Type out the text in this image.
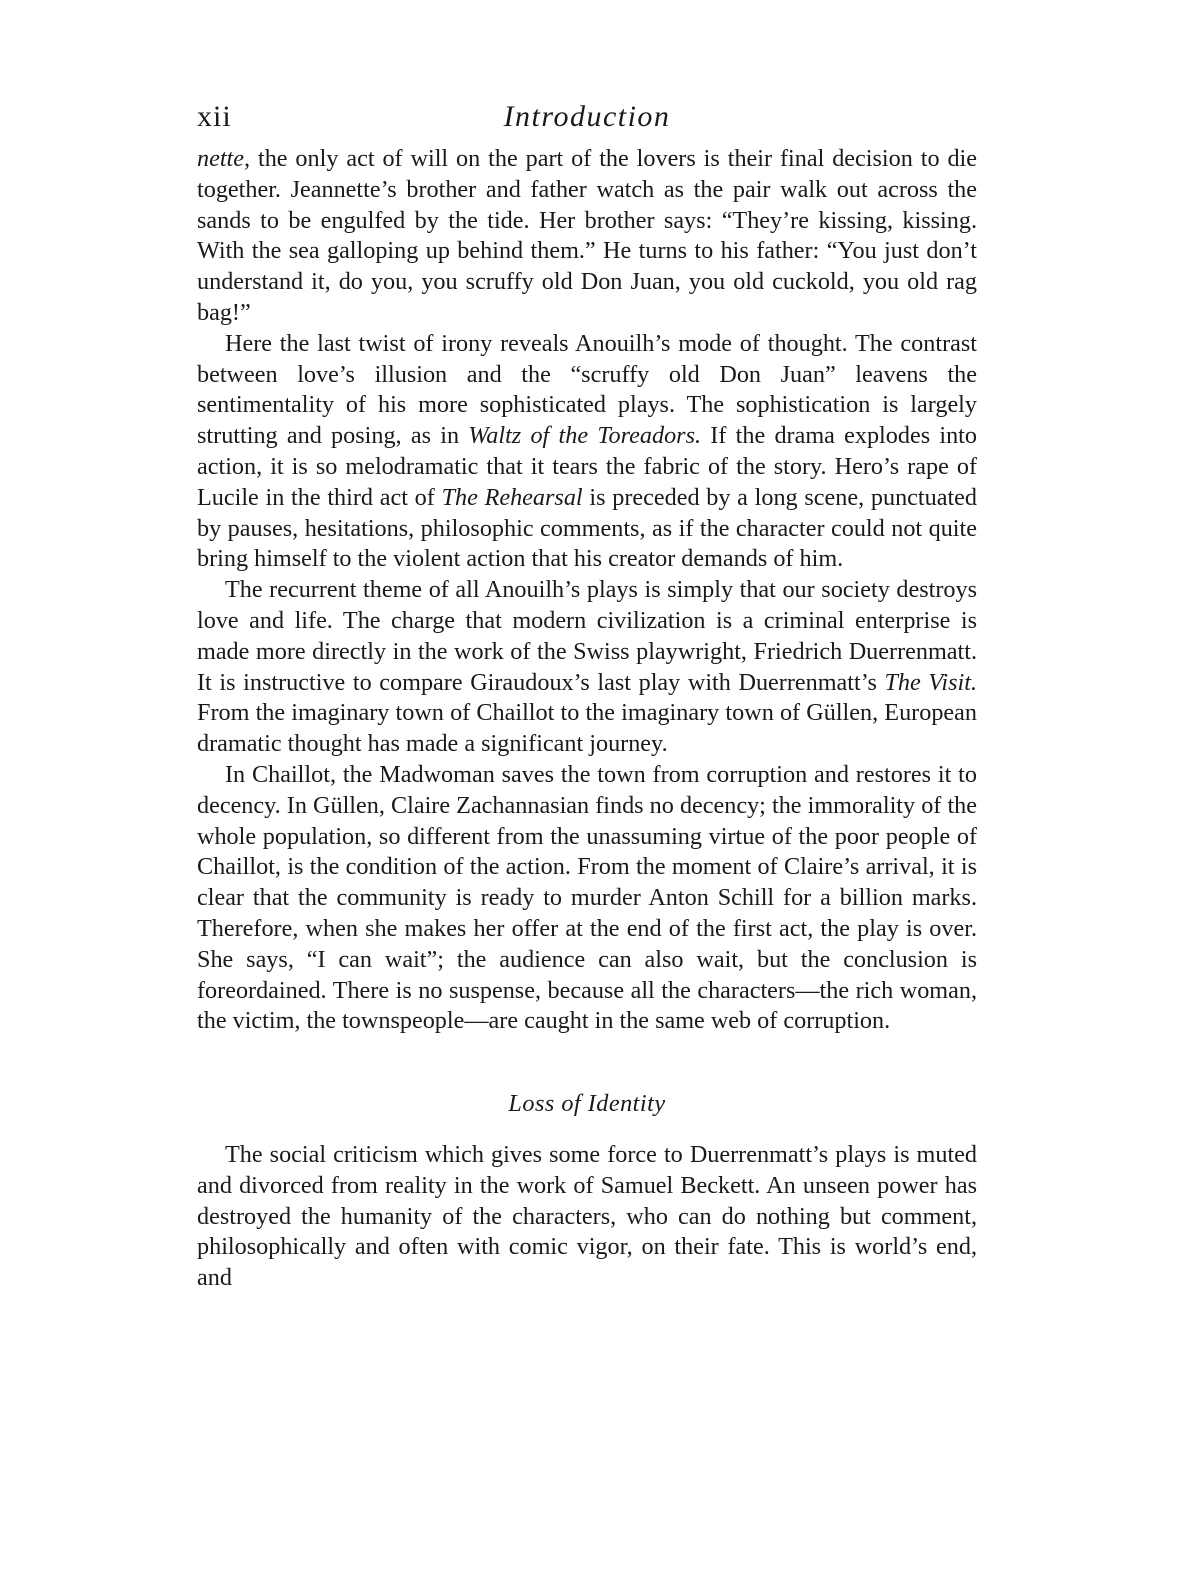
xii	Introduction

nette, the only act of will on the part of the lovers is their final decision to die together. Jeannette’s brother and father watch as the pair walk out across the sands to be engulfed by the tide. Her brother says: “They’re kissing, kissing. With the sea galloping up behind them.” He turns to his father: “You just don’t understand it, do you, you scruffy old Don Juan, you old cuckold, you old rag bag!”

Here the last twist of irony reveals Anouilh’s mode of thought. The contrast between love’s illusion and the “scruffy old Don Juan” leavens the sentimentality of his more sophisticated plays. The sophistication is largely strutting and posing, as in Waltz of the Toreadors. If the drama explodes into action, it is so melodramatic that it tears the fabric of the story. Hero’s rape of Lucile in the third act of The Rehearsal is preceded by a long scene, punctuated by pauses, hesitations, philosophic comments, as if the character could not quite bring himself to the violent action that his creator demands of him.

The recurrent theme of all Anouilh’s plays is simply that our society destroys love and life. The charge that modern civilization is a criminal enterprise is made more directly in the work of the Swiss playwright, Friedrich Duerrenmatt. It is instructive to compare Giraudoux’s last play with Duerrenmatt’s The Visit. From the imaginary town of Chaillot to the imaginary town of Güllen, European dramatic thought has made a significant journey.

In Chaillot, the Madwoman saves the town from corruption and restores it to decency. In Güllen, Claire Zachannasian finds no decency; the immorality of the whole population, so different from the unassuming virtue of the poor people of Chaillot, is the condition of the action. From the moment of Claire’s arrival, it is clear that the community is ready to murder Anton Schill for a billion marks. Therefore, when she makes her offer at the end of the first act, the play is over. She says, “I can wait”; the audience can also wait, but the conclusion is foreordained. There is no suspense, because all the characters—the rich woman, the victim, the townspeople—are caught in the same web of corruption.

Loss of Identity

The social criticism which gives some force to Duerrenmatt’s plays is muted and divorced from reality in the work of Samuel Beckett. An unseen power has destroyed the humanity of the characters, who can do nothing but comment, philosophically and often with comic vigor, on their fate. This is world’s end, and
